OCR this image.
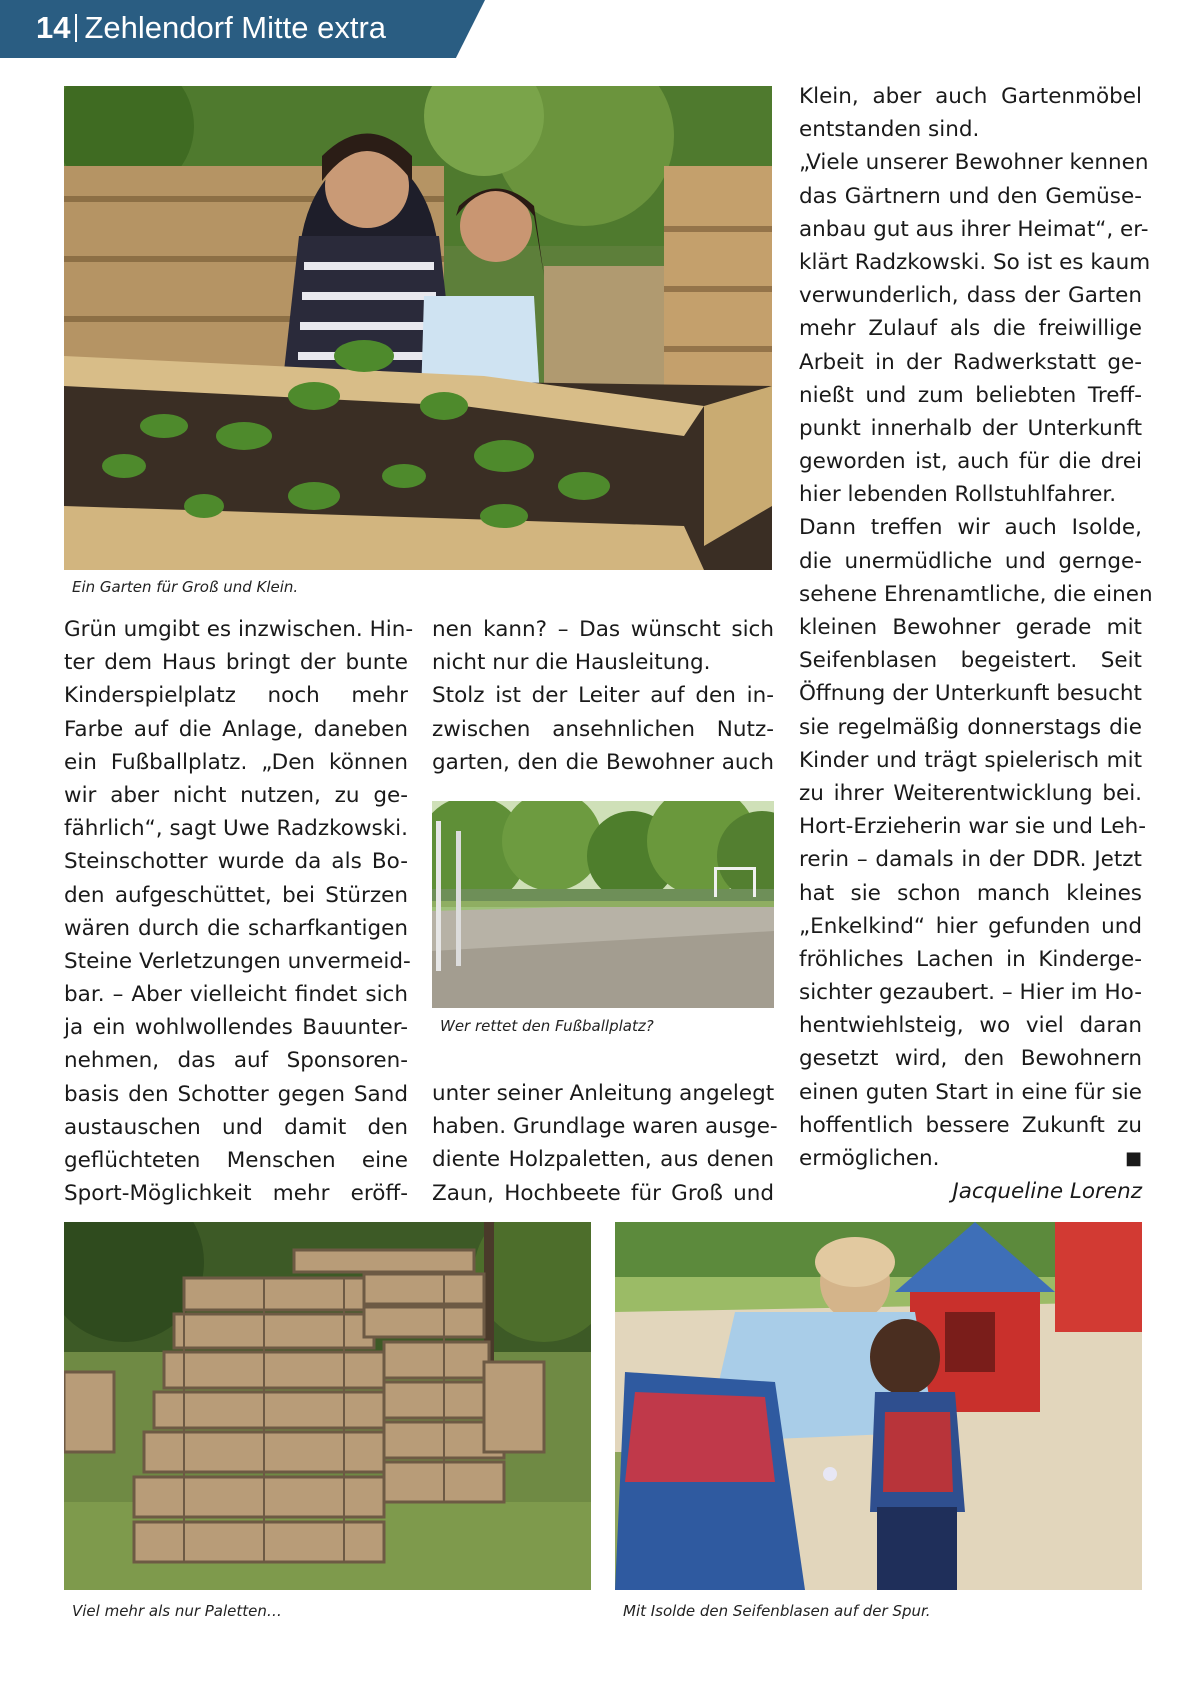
14 Zehlendorf Mitte extra
Ein Garten für Groß und Klein.
Grün umgibt es inzwischen. Hin-
ter dem Haus bringt der bunte
Kinderspielplatz noch mehr
Farbe auf die Anlage, daneben
ein Fußballplatz. „Den können
wir aber nicht nutzen, zu ge-
fährlich“, sagt Uwe Radzkowski.
Steinschotter wurde da als Bo-
den aufgeschüttet, bei Stürzen
wären durch die scharfkantigen
Steine Verletzungen unvermeid-
bar. – Aber vielleicht findet sich
ja ein wohlwollendes Bauunter-
nehmen, das auf Sponsoren-
basis den Schotter gegen Sand
austauschen und damit den
geflüchteten Menschen eine
Sport-Möglichkeit mehr eröff-
nen kann? – Das wünscht sich
nicht nur die Hausleitung.
Stolz ist der Leiter auf den in-
zwischen ansehnlichen Nutz-
garten, den die Bewohner auch
Wer rettet den Fußballplatz?
unter seiner Anleitung angelegt
haben. Grundlage waren ausge-
diente Holzpaletten, aus denen
Zaun, Hochbeete für Groß und
Klein, aber auch Gartenmöbel
entstanden sind.
„Viele unserer Bewohner kennen
das Gärtnern und den Gemüse-
anbau gut aus ihrer Heimat“, er-
klärt Radzkowski. So ist es kaum
verwunderlich, dass der Garten
mehr Zulauf als die freiwillige
Arbeit in der Radwerkstatt ge-
nießt und zum beliebten Treff-
punkt innerhalb der Unterkunft
geworden ist, auch für die drei
hier lebenden Rollstuhlfahrer.
Dann treffen wir auch Isolde,
die unermüdliche und gernge-
sehene Ehrenamtliche, die einen
kleinen Bewohner gerade mit
Seifenblasen begeistert. Seit
Öffnung der Unterkunft besucht
sie regelmäßig donnerstags die
Kinder und trägt spielerisch mit
zu ihrer Weiterentwicklung bei.
Hort-Erzieherin war sie und Leh-
rerin – damals in der DDR. Jetzt
hat sie schon manch kleines
„Enkelkind“ hier gefunden und
fröhliches Lachen in Kinderge-
sichter gezaubert. – Hier im Ho-
hentwiehlsteig, wo viel daran
gesetzt wird, den Bewohnern
einen guten Start in eine für sie
hoffentlich bessere Zukunft zu
ermöglichen.	■
Jacqueline Lorenz
Viel mehr als nur Paletten…	Mit Isolde den Seifenblasen auf der Spur.
